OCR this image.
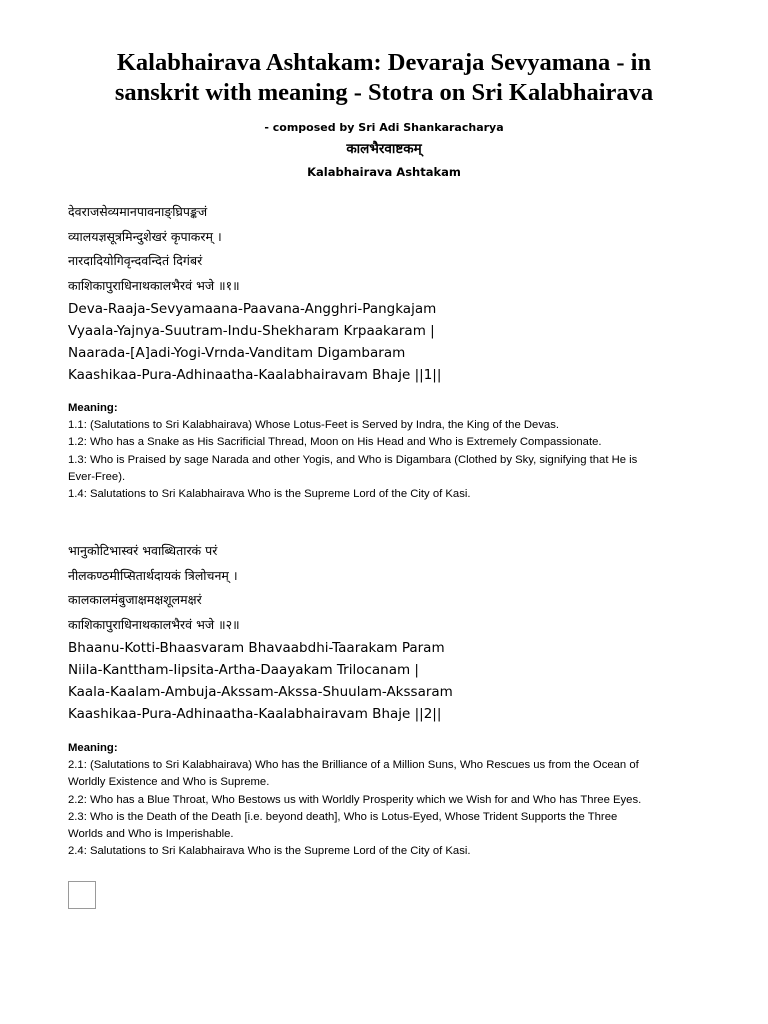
Kalabhairava Ashtakam: Devaraja Sevyamana - in
sanskrit with meaning - Stotra on Sri Kalabhairava

- composed by Sri Adi Shankaracharya

कालभैरवाष्टकम्

Kalabhairava Ashtakam

देवराजसेव्यमानपावनाङ्घ्रिपङ्कजं
व्यालयज्ञसूत्रमिन्दुशेखरं कृपाकरम् ।
नारदादियोगिवृन्दवन्दितं दिगंबरं
काशिकापुराधिनाथकालभैरवं भजे ॥१॥
Deva-Raaja-Sevyamaana-Paavana-Angghri-Pangkajam
Vyaala-Yajnya-Suutram-Indu-Shekharam Krpaakaram |
Naarada-[A]adi-Yogi-Vrnda-Vanditam Digambaram
Kaashikaa-Pura-Adhinaatha-Kaalabhairavam Bhaje ||1||
Meaning:
1.1: (Salutations to Sri Kalabhairava) Whose Lotus-Feet is Served by Indra, the King of the Devas.
1.2: Who has a Snake as His Sacrificial Thread, Moon on His Head and Who is Extremely Compassionate.
1.3: Who is Praised by sage Narada and other Yogis, and Who is Digambara (Clothed by Sky, signifying that He is
Ever-Free).
1.4: Salutations to Sri Kalabhairava Who is the Supreme Lord of the City of Kasi.
भानुकोटिभास्वरं भवाब्धितारकं परं
नीलकण्ठमीप्सितार्थदायकं त्रिलोचनम् ।
कालकालमंबुजाक्षमक्षशूलमक्षरं
काशिकापुराधिनाथकालभैरवं भजे ॥२॥
Bhaanu-Kotti-Bhaasvaram Bhavaabdhi-Taarakam Param
Niila-Kanttham-Iipsita-Artha-Daayakam Trilocanam |
Kaala-Kaalam-Ambuja-Akssam-Akssa-Shuulam-Akssaram
Kaashikaa-Pura-Adhinaatha-Kaalabhairavam Bhaje ||2||
Meaning:
2.1: (Salutations to Sri Kalabhairava) Who has the Brilliance of a Million Suns, Who Rescues us from the Ocean of
Worldly Existence and Who is Supreme.
2.2: Who has a Blue Throat, Who Bestows us with Worldly Prosperity which we Wish for and Who has Three Eyes.
2.3: Who is the Death of the Death [i.e. beyond death], Who is Lotus-Eyed, Whose Trident Supports the Three
Worlds and Who is Imperishable.
2.4: Salutations to Sri Kalabhairava Who is the Supreme Lord of the City of Kasi.
